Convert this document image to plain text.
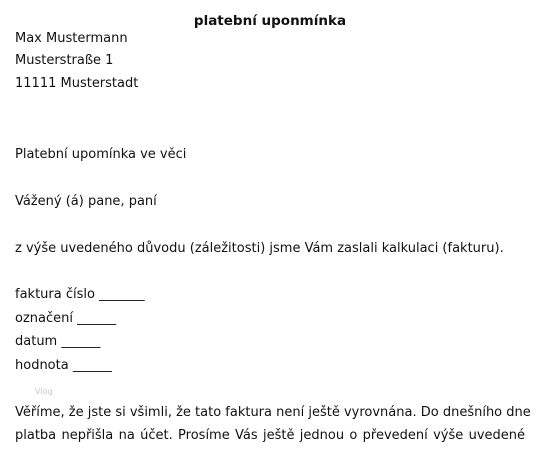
platební uponmínka

Max Mustermann

Musterstraße 1

11111 Musterstadt

Platební upomínka ve věci

Vážený (á) pane, paní

z výše uvedeného důvodu (záležitosti) jsme Vám zaslali kalkulaci (fakturu).

faktura číslo _______

označení ______

datum ______

hodnota ______

Vlog

Věříme, že jste si všimli, že tato faktura není ještě vyrovnána. Do dnešního dne
platba nepřišla na účet. Prosíme Vás ještě jednou o převedení výše uvedené
